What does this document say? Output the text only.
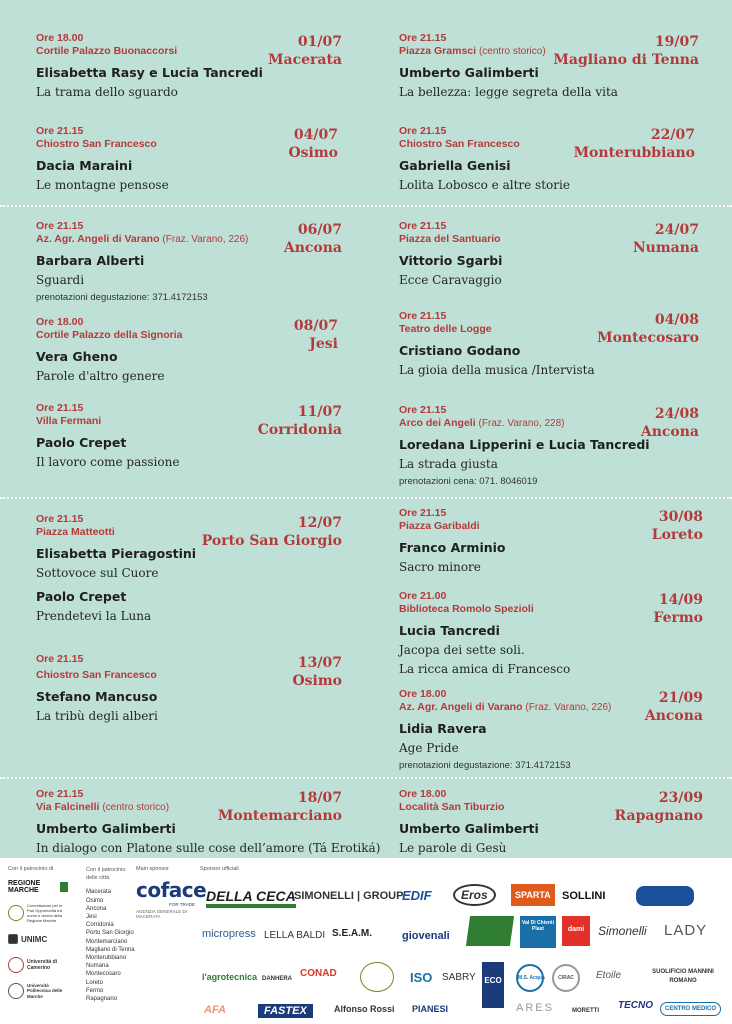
Ore 18.00
Cortile Palazzo Buonaccorsi
01/07
Macerata
Elisabetta Rasy e Lucia Tancredi
La trama dello sguardo
Ore 21.15
Chiostro San Francesco
04/07
Osimo
Dacia Maraini
Le montagne pensose
Ore 21.15
Az. Agr. Angeli di Varano (Fraz. Varano, 226)
06/07
Ancona
Barbara Alberti
Sguardi
prenotazioni degustazione: 371.4172153
Ore 18.00
Cortile Palazzo della Signoria
08/07
Jesi
Vera Gheno
Parole d'altro genere
Ore 21.15
Villa Fermani
11/07
Corridonia
Paolo Crepet
Il lavoro come passione
Ore 21.15
Piazza Matteotti
12/07
Porto San Giorgio
Elisabetta Pieragostini
Sottovoce sul Cuore
Paolo Crepet
Prendetevi la Luna
Ore 21.15
Chiostro San Francesco
13/07
Osimo
Stefano Mancuso
La tribù degli alberi
Ore 21.15
Via Falcinelli (centro storico)
18/07
Montemarciano
Umberto Galimberti
In dialogo con Platone sulle cose dell’amore (Tá Erotiká)
Ore 21.15
Piazza Gramsci (centro storico)
19/07
Magliano di Tenna
Umberto Galimberti
La bellezza: legge segreta della vita
Ore 21.15
Chiostro San Francesco
22/07
Monterubbiano
Gabriella Genisi
Lolita Lobosco e altre storie
Ore 21.15
Piazza del Santuario
24/07
Numana
Vittorio Sgarbi
Ecce Caravaggio
Ore 21.15
Teatro delle Logge
04/08
Montecosaro
Cristiano Godano
La gioia della musica /Intervista
Ore 21.15
Arco dei Angeli (Fraz. Varano, 228)
24/08
Ancona
Loredana Lipperini e Lucia Tancredi
La strada giusta
prenotazioni cena: 071. 8046019
Ore 21.15
Piazza Garibaldi
30/08
Loreto
Franco Arminio
Sacro minore
Ore 21.00
Biblioteca Romolo Spezioli
14/09
Fermo
Lucia Tancredi
Jacopa dei sette soli.
La ricca amica di Francesco
Ore 18.00
Az. Agr. Angeli di Varano (Fraz. Varano, 226)
21/09
Ancona
Lidia Ravera
Age Pride
prenotazioni degustazione: 371.4172153
Ore 18.00
Località San Tiburzio
23/09
Rapagnano
Umberto Galimberti
Le parole di Gesù
Con il patrocinio di
REGIONE MARCHE
Commissione per le Pari Opportunità tra uomo e donna della Regione Marche
UNIMC
Università di Camerino
Università Politecnica delle Marche
Con il patrocinio delle città
Macerata
Osimo
Ancona
Jesi
Corridonia
Porto San Giorgio
Montemarciano
Magliano di Tenna
Monterubbiano
Numana
Montecosaro
Loreto
Fermo
Rapagnano
Main sponsor
coface
FOR TRADE
AGENZIA GENERALE DI MACERATA
Sponsor ufficiali
DELLA CECA
SIMONELLI | GROUP
EDIF	Eros	SPARTA	SOLLINI
micropress LELLA BALDI S.E.A.M.	giovenali
Val Di Chienti Plast	dami	Simonelli LADY
l'agrotecnica DANHERA CONAD	ISO SABRY ECO	M.S. Acqua	CIRAC	Etoile	SUOLIFICIO MANNINI ROMANO
AFA	FASTEX	Alfonso Rossi PIANESI	ARES	MORETTI TECNO	CENTRO MEDICO
